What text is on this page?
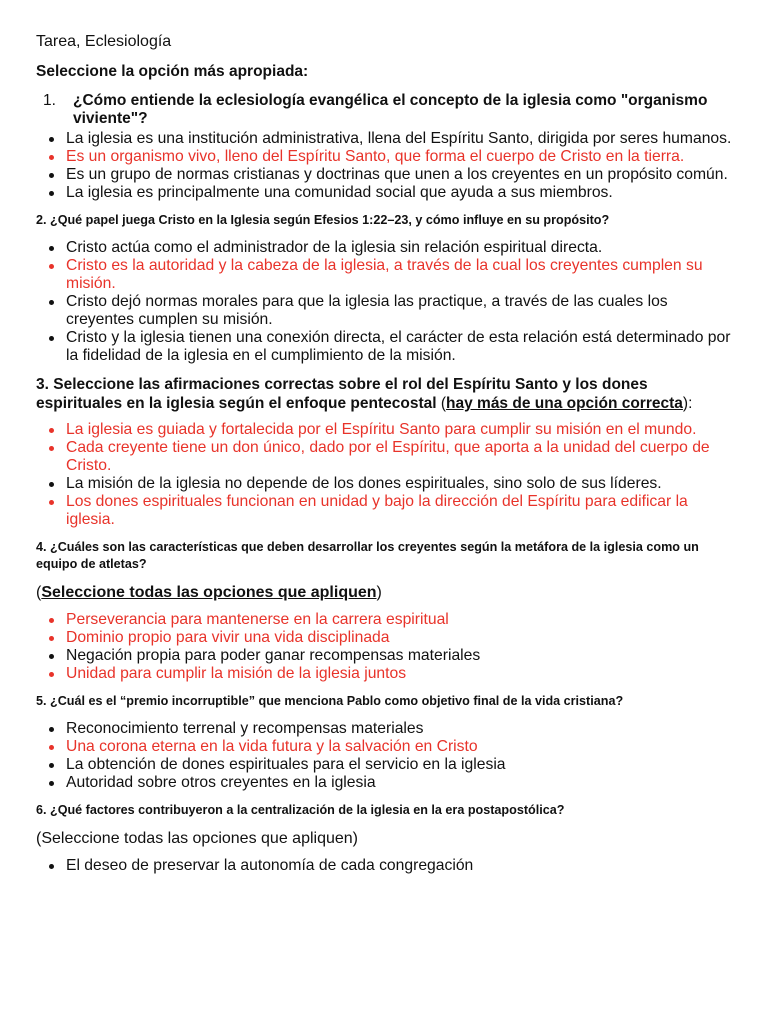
Tarea, Eclesiología
Seleccione la opción más apropiada:
1.	¿Cómo entiende la eclesiología evangélica el concepto de la iglesia como "organismo viviente"?
La iglesia es una institución administrativa, llena del Espíritu Santo, dirigida por seres humanos.
Es un organismo vivo, lleno del Espíritu Santo, que forma el cuerpo de Cristo en la tierra.
Es un grupo de normas cristianas y doctrinas que unen a los creyentes en un propósito común.
La iglesia es principalmente una comunidad social que ayuda a sus miembros.
2. ¿Qué papel juega Cristo en la Iglesia según Efesios 1:22–23, y cómo influye en su propósito?
Cristo actúa como el administrador de la iglesia sin relación espiritual directa.
Cristo es la autoridad y la cabeza de la iglesia, a través de la cual los creyentes cumplen su misión.
Cristo dejó normas morales para que la iglesia las practique, a través de las cuales los creyentes cumplen su misión.
Cristo y la iglesia tienen una conexión directa, el carácter de esta relación está determinado por la fidelidad de la iglesia en el cumplimiento de la misión.
3. Seleccione las afirmaciones correctas sobre el rol del Espíritu Santo y los dones espirituales en la iglesia según el enfoque pentecostal (hay más de una opción correcta):
La iglesia es guiada y fortalecida por el Espíritu Santo para cumplir su misión en el mundo.
Cada creyente tiene un don único, dado por el Espíritu, que aporta a la unidad del cuerpo de Cristo.
La misión de la iglesia no depende de los dones espirituales, sino solo de sus líderes.
Los dones espirituales funcionan en unidad y bajo la dirección del Espíritu para edificar la iglesia.
4. ¿Cuáles son las características que deben desarrollar los creyentes según la metáfora de la iglesia como un equipo de atletas?
(Seleccione todas las opciones que apliquen)
Perseverancia para mantenerse en la carrera espiritual
Dominio propio para vivir una vida disciplinada
Negación propia para poder ganar recompensas materiales
Unidad para cumplir la misión de la iglesia juntos
5. ¿Cuál es el “premio incorruptible” que menciona Pablo como objetivo final de la vida cristiana?
Reconocimiento terrenal y recompensas materiales
Una corona eterna en la vida futura y la salvación en Cristo
La obtención de dones espirituales para el servicio en la iglesia
Autoridad sobre otros creyentes en la iglesia
6. ¿Qué factores contribuyeron a la centralización de la iglesia en la era postapostólica?
(Seleccione todas las opciones que apliquen)
El deseo de preservar la autonomía de cada congregación
